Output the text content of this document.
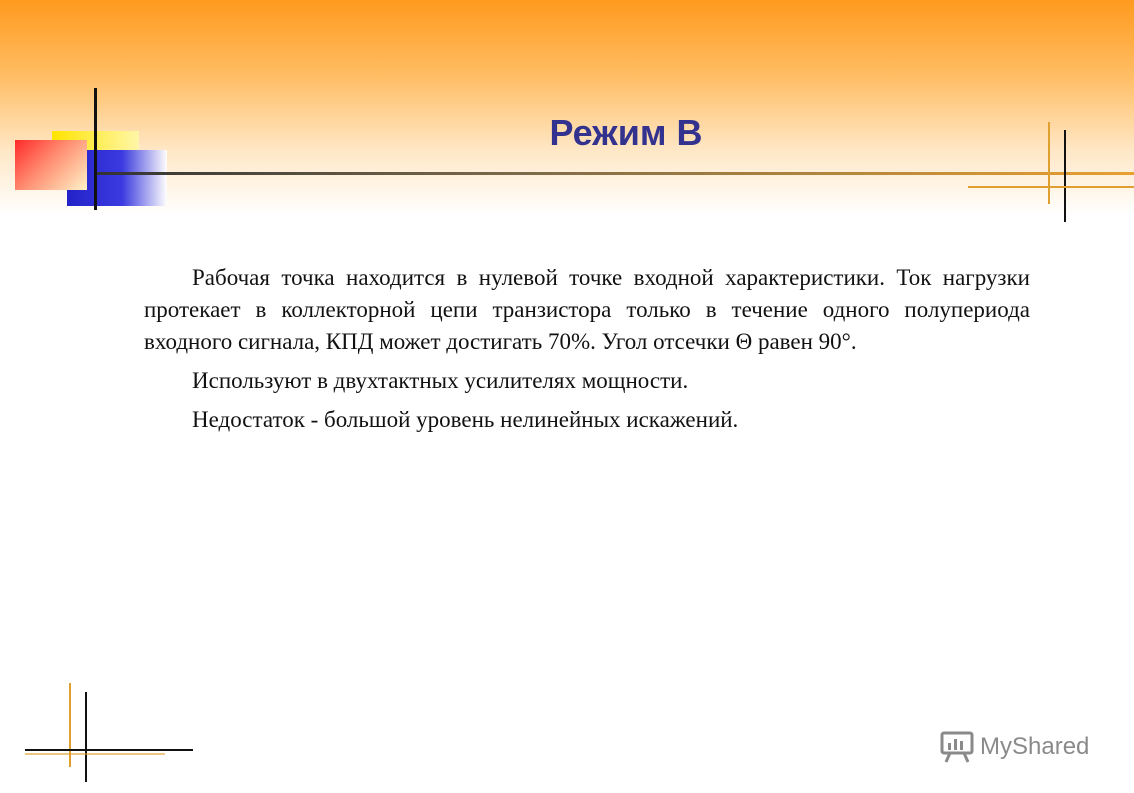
Режим B

Рабочая точка находится в нулевой точке входной характеристики. Ток нагрузки протекает в коллекторной цепи транзистора только в течение одного полупериода входного сигнала, КПД может достигать 70%. Угол отсечки Θ равен 90°.

Используют в двухтактных усилителях мощности.

Недостаток - большой уровень нелинейных искажений.

MyShared
